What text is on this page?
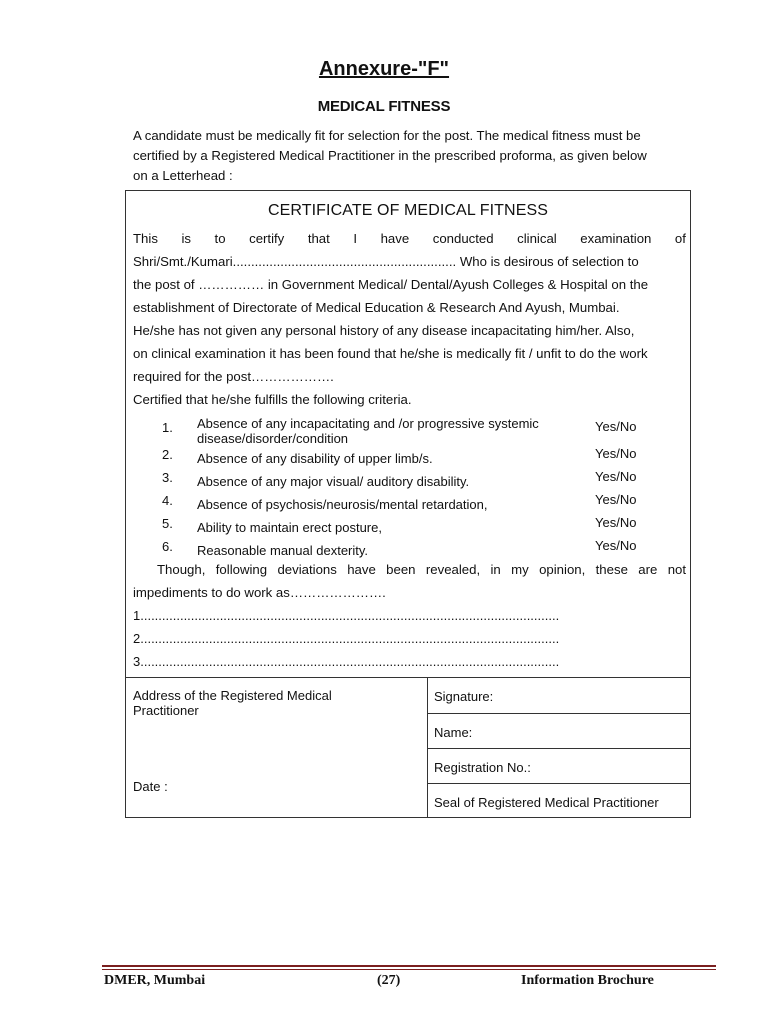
Annexure-"F"
MEDICAL FITNESS

A candidate must be medically fit for selection for the post. The medical fitness must be

certified by a Registered Medical Practitioner in the prescribed proforma, as given below

on a Letterhead :

CERTIFICATE OF MEDICAL FITNESS
This is to certify that I have conducted clinical examination of
Shri/Smt./Kumari............................................................. Who is desirous of selection to
the post of …………… in Government Medical/ Dental/Ayush Colleges & Hospital on the
establishment of Directorate of Medical Education & Research And Ayush, Mumbai.
He/she has not given any personal history of any disease incapacitating him/her. Also,
on clinical examination it has been found that he/she is medically fit / unfit to do the work
required for the post……………….
Certified that he/she fulfills the following criteria.
1. Absence of any incapacitating and /or progressive systemic disease/disorder/condition
Yes/No
2. Absence of any disability of upper limb/s.	Yes/No
3. Absence of any major visual/ auditory disability.	Yes/No
4. Absence of psychosis/neurosis/mental retardation,	Yes/No
5. Ability to maintain erect posture,	Yes/No
6. Reasonable manual dexterity.	Yes/No
Though, following deviations have been revealed, in my opinion, these are not
impediments to do work as………………….
1....................................................................................................................
2....................................................................................................................
3....................................................................................................................
Address of the Registered Medical Practitioner
Date :
Signature:
Name:
Registration No.:
Seal of Registered Medical Practitioner
DMER, Mumbai	(27)	Information Brochure
